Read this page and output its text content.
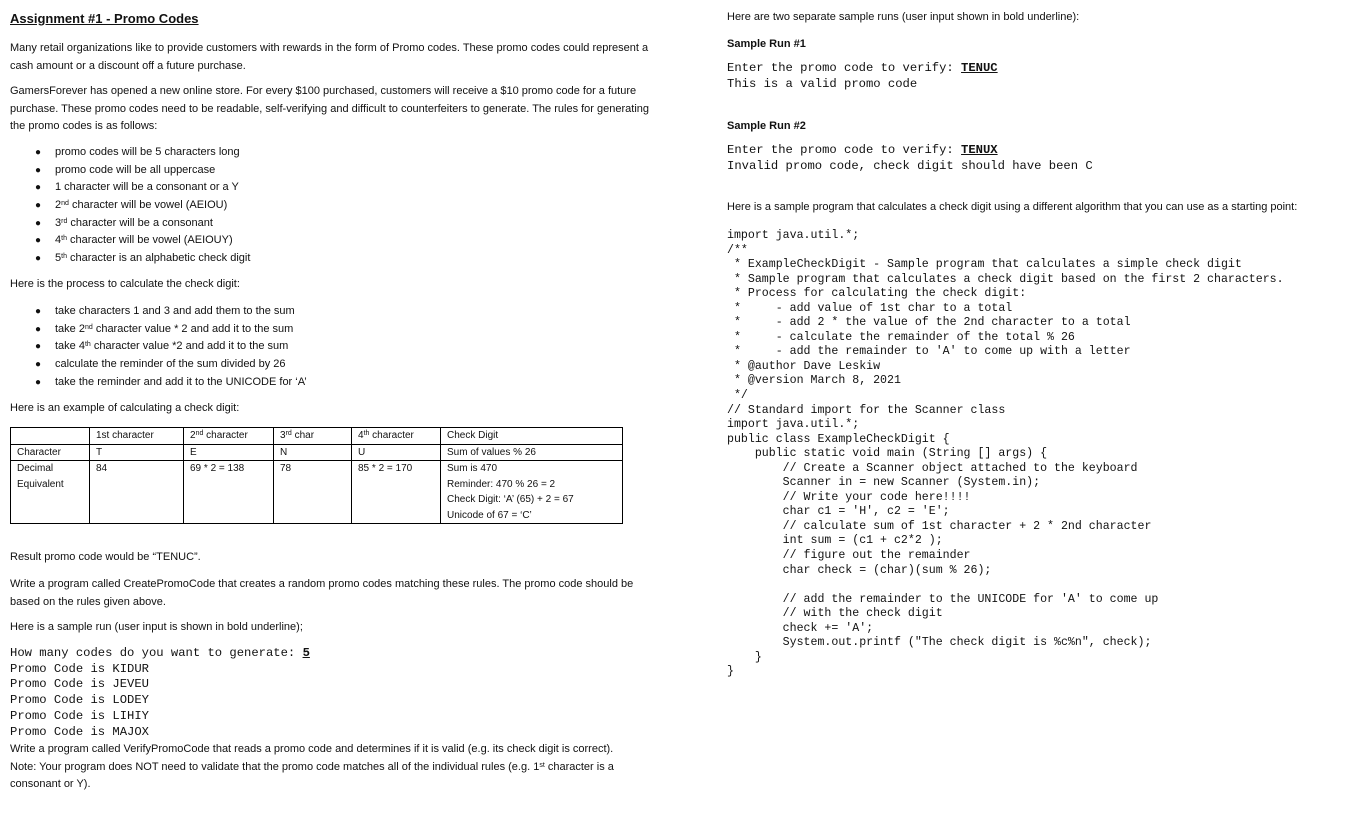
Assignment #1 - Promo Codes
Many retail organizations like to provide customers with rewards in the form of Promo codes. These promo codes could represent a cash amount or a discount off a future purchase.
GamersForever has opened a new online store. For every $100 purchased, customers will receive a $10 promo code for a future purchase. These promo codes need to be readable, self-verifying and difficult to counterfeiters to generate. The rules for generating the promo codes is as follows:
● promo codes will be 5 characters long
● promo code will be all uppercase
● 1 character will be a consonant or a Y
● 2nd character will be vowel (AEIOU)
● 3rd character will be a consonant
● 4th character will be vowel (AEIOUY)
● 5th character is an alphabetic check digit
Here is the process to calculate the check digit:
● take characters 1 and 3 and add them to the sum
● take 2nd character value * 2 and add it to the sum
● take 4th character value *2 and add it to the sum
● calculate the reminder of the sum divided by 26
● take the reminder and add it to the UNICODE for ‘A’
Here is an example of calculating a check digit:
	1st character	2nd character	3rd char	4th character	Check Digit
Character	T	E	N	U	Sum of values % 26
Decimal
Equivalent	84	69 * 2 = 138	78	85 * 2 = 170	Sum is 470
Reminder: 470 % 26 = 2
Check Digit: ‘A’ (65) + 2 = 67
Unicode of 67 = ‘C’
Result promo code would be “TENUC”.
Write a program called CreatePromoCode that creates a random promo codes matching these rules. The promo code should be based on the rules given above.
Here is a sample run (user input is shown in bold underline);
How many codes do you want to generate: 5
Promo Code is KIDUR
Promo Code is JEVEU
Promo Code is LODEY
Promo Code is LIHIY
Promo Code is MAJOX
Write a program called VerifyPromoCode that reads a promo code and determines if it is valid (e.g. its check digit is correct). Note: Your program does NOT need to validate that the promo code matches all of the individual rules (e.g. 1st character is a consonant or Y).
Here are two separate sample runs (user input shown in bold underline):
Sample Run #1
Enter the promo code to verify: TENUC
This is a valid promo code
Sample Run #2
Enter the promo code to verify: TENUX
Invalid promo code, check digit should have been C
Here is a sample program that calculates a check digit using a different algorithm that you can use as a starting point:
import java.util.*;
/**
* ExampleCheckDigit - Sample program that calculates a simple check digit
* Sample program that calculates a check digit based on the first 2 characters.
* Process for calculating the check digit:
*     - add value of 1st char to a total
*     - add 2 * the value of the 2nd character to a total
*     - calculate the remainder of the total % 26
*     - add the remainder to 'A' to come up with a letter
* @author Dave Leskiw
* @version March 8, 2021
*/
// Standard import for the Scanner class
import java.util.*;
public class ExampleCheckDigit {
public static void main (String [] args) {
// Create a Scanner object attached to the keyboard
Scanner in = new Scanner (System.in);
// Write your code here!!!!
char c1 = 'H', c2 = 'E';
// calculate sum of 1st character + 2 * 2nd character
int sum = (c1 + c2*2 );
// figure out the remainder
char check = (char)(sum % 26);

// add the remainder to the UNICODE for 'A' to come up
// with the check digit
check += 'A';
System.out.printf ("The check digit is %c%n", check);
}
}
